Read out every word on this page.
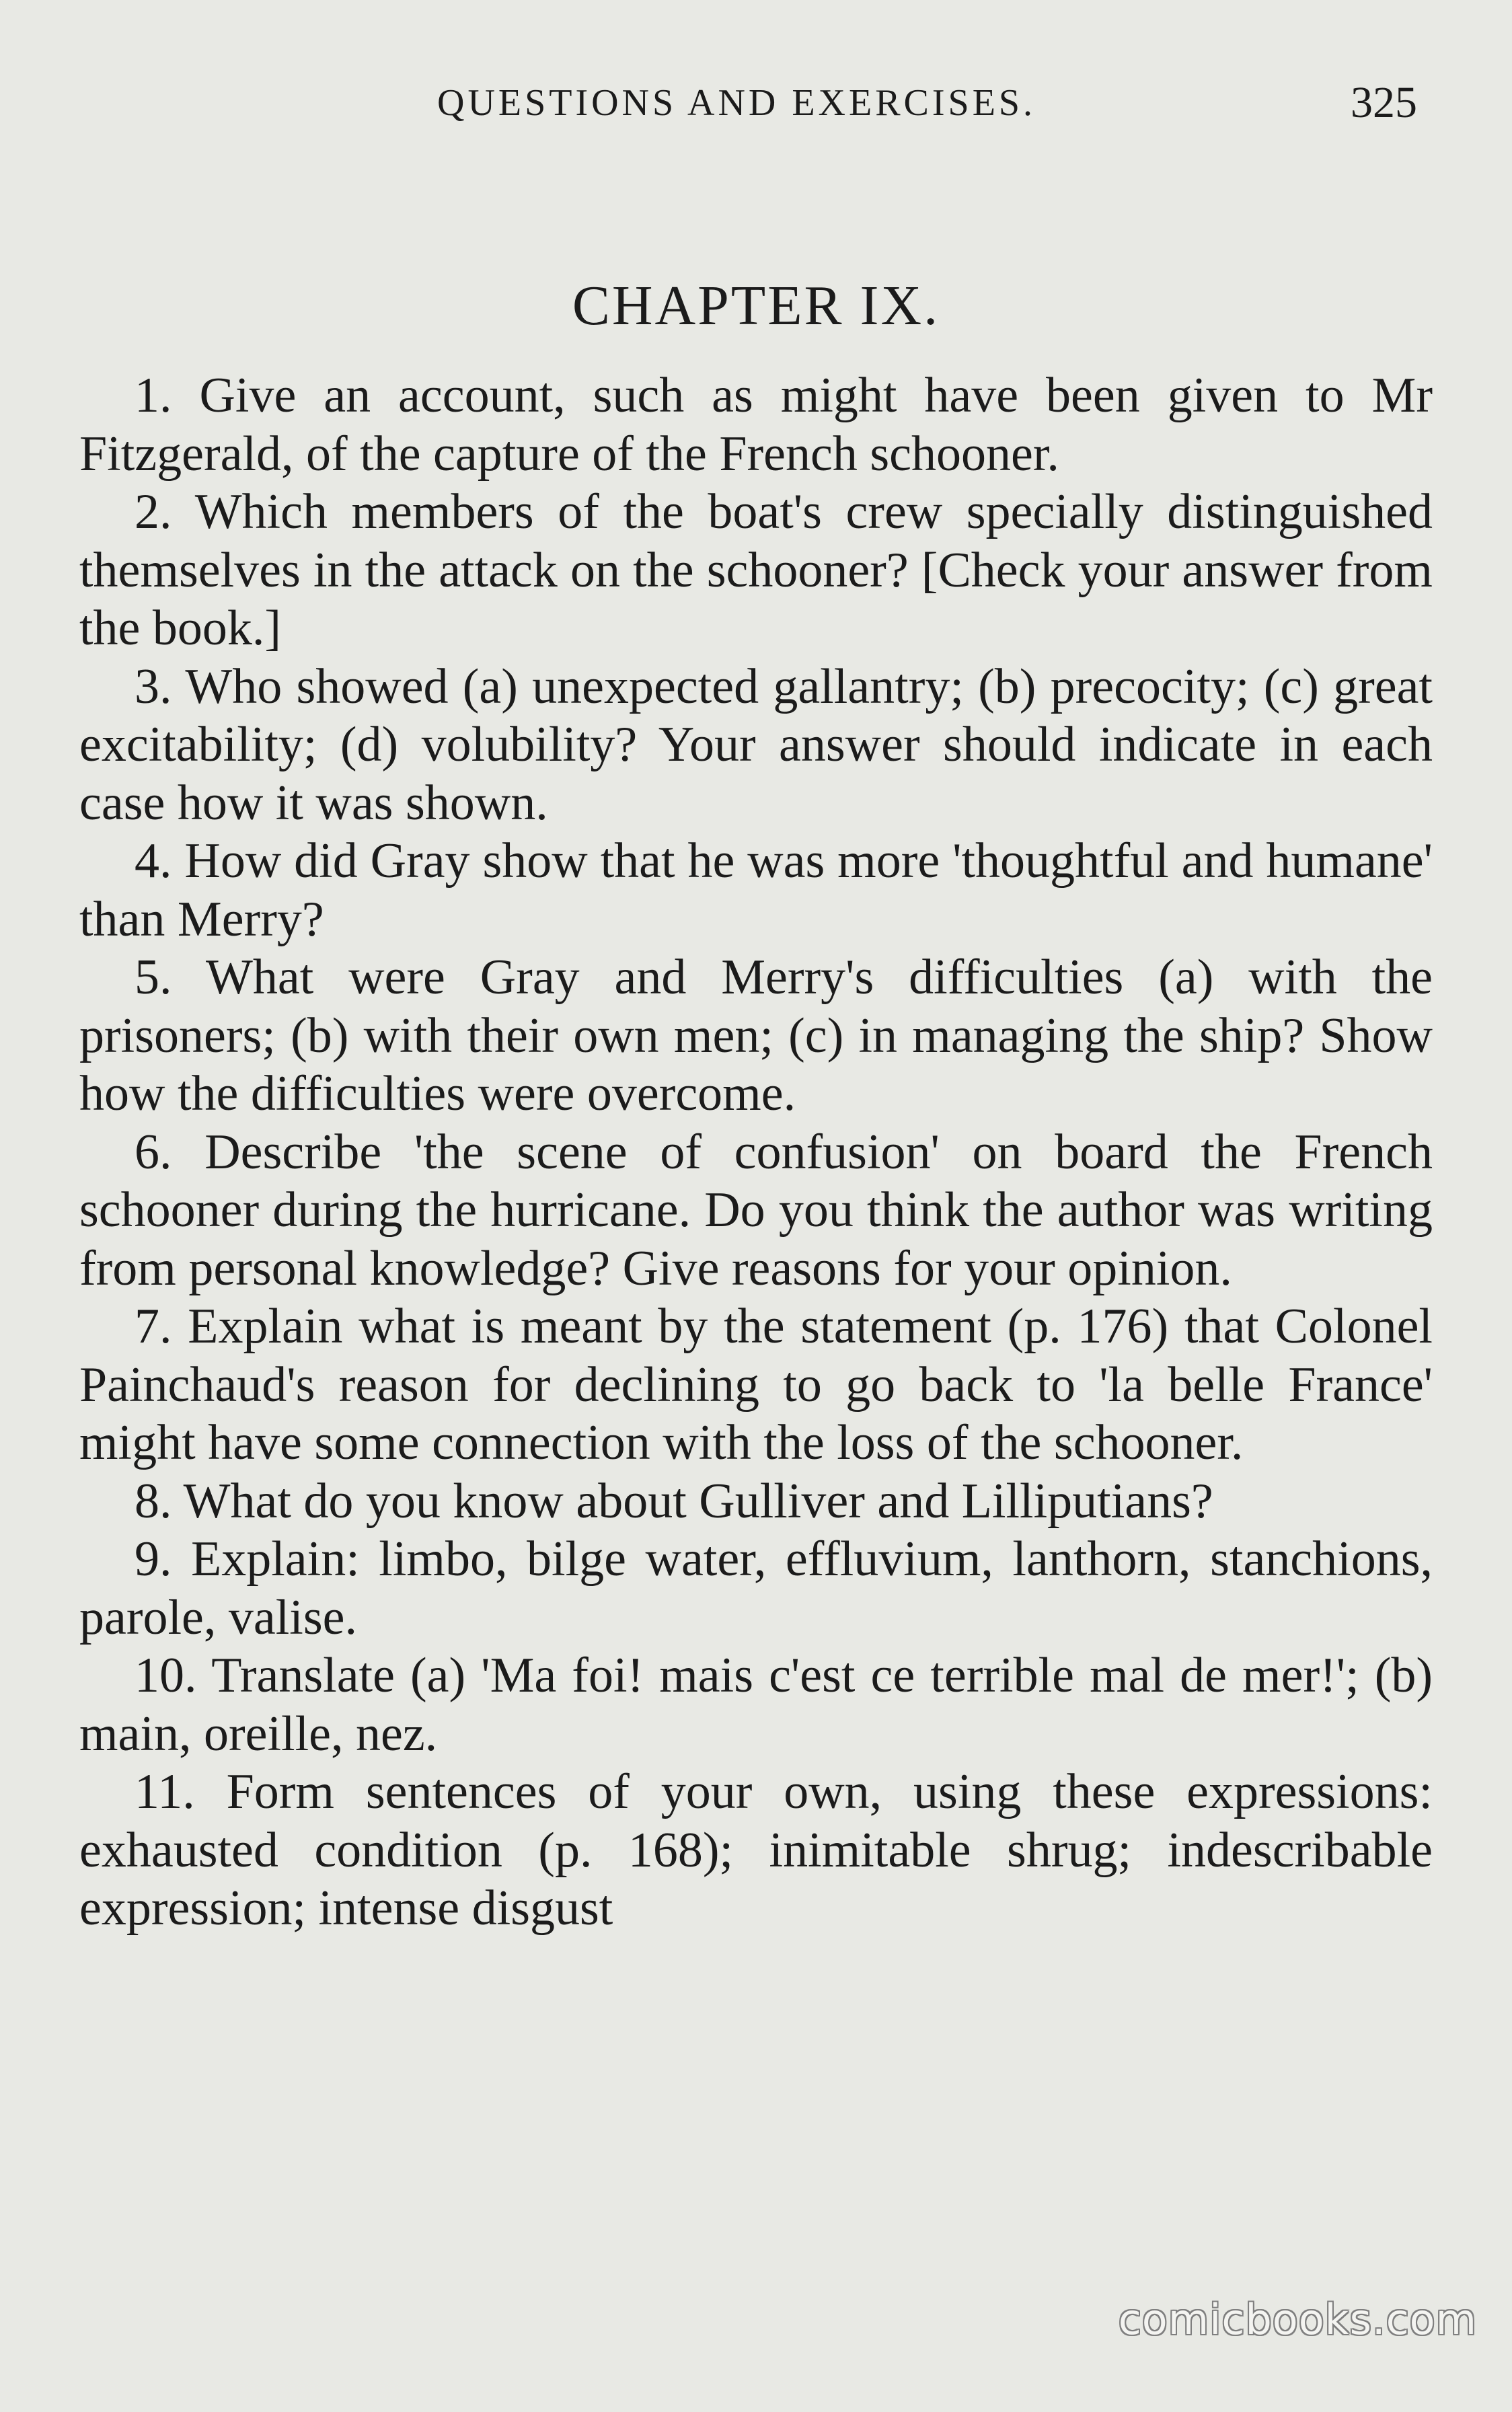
QUESTIONS AND EXERCISES.	325
CHAPTER IX.
1. Give an account, such as might have been given to Mr Fitzgerald, of the capture of the French schooner.
2. Which members of the boat's crew specially distinguished themselves in the attack on the schooner? [Check your answer from the book.]
3. Who showed (a) unexpected gallantry; (b) precocity; (c) great excitability; (d) volubility? Your answer should indicate in each case how it was shown.
4. How did Gray show that he was more 'thoughtful and humane' than Merry?
5. What were Gray and Merry's difficulties (a) with the prisoners; (b) with their own men; (c) in managing the ship? Show how the difficulties were overcome.
6. Describe 'the scene of confusion' on board the French schooner during the hurricane. Do you think the author was writing from personal knowledge? Give reasons for your opinion.
7. Explain what is meant by the statement (p. 176) that Colonel Painchaud's reason for declining to go back to 'la belle France' might have some connection with the loss of the schooner.
8. What do you know about Gulliver and Lilliputians?
9. Explain: limbo, bilge water, effluvium, lanthorn, stanchions, parole, valise.
10. Translate (a) 'Ma foi! mais c'est ce terrible mal de mer!'; (b) main, oreille, nez.
11. Form sentences of your own, using these expressions: exhausted condition (p. 168); inimitable shrug; indescribable expression; intense disgust
comicbooks.com
